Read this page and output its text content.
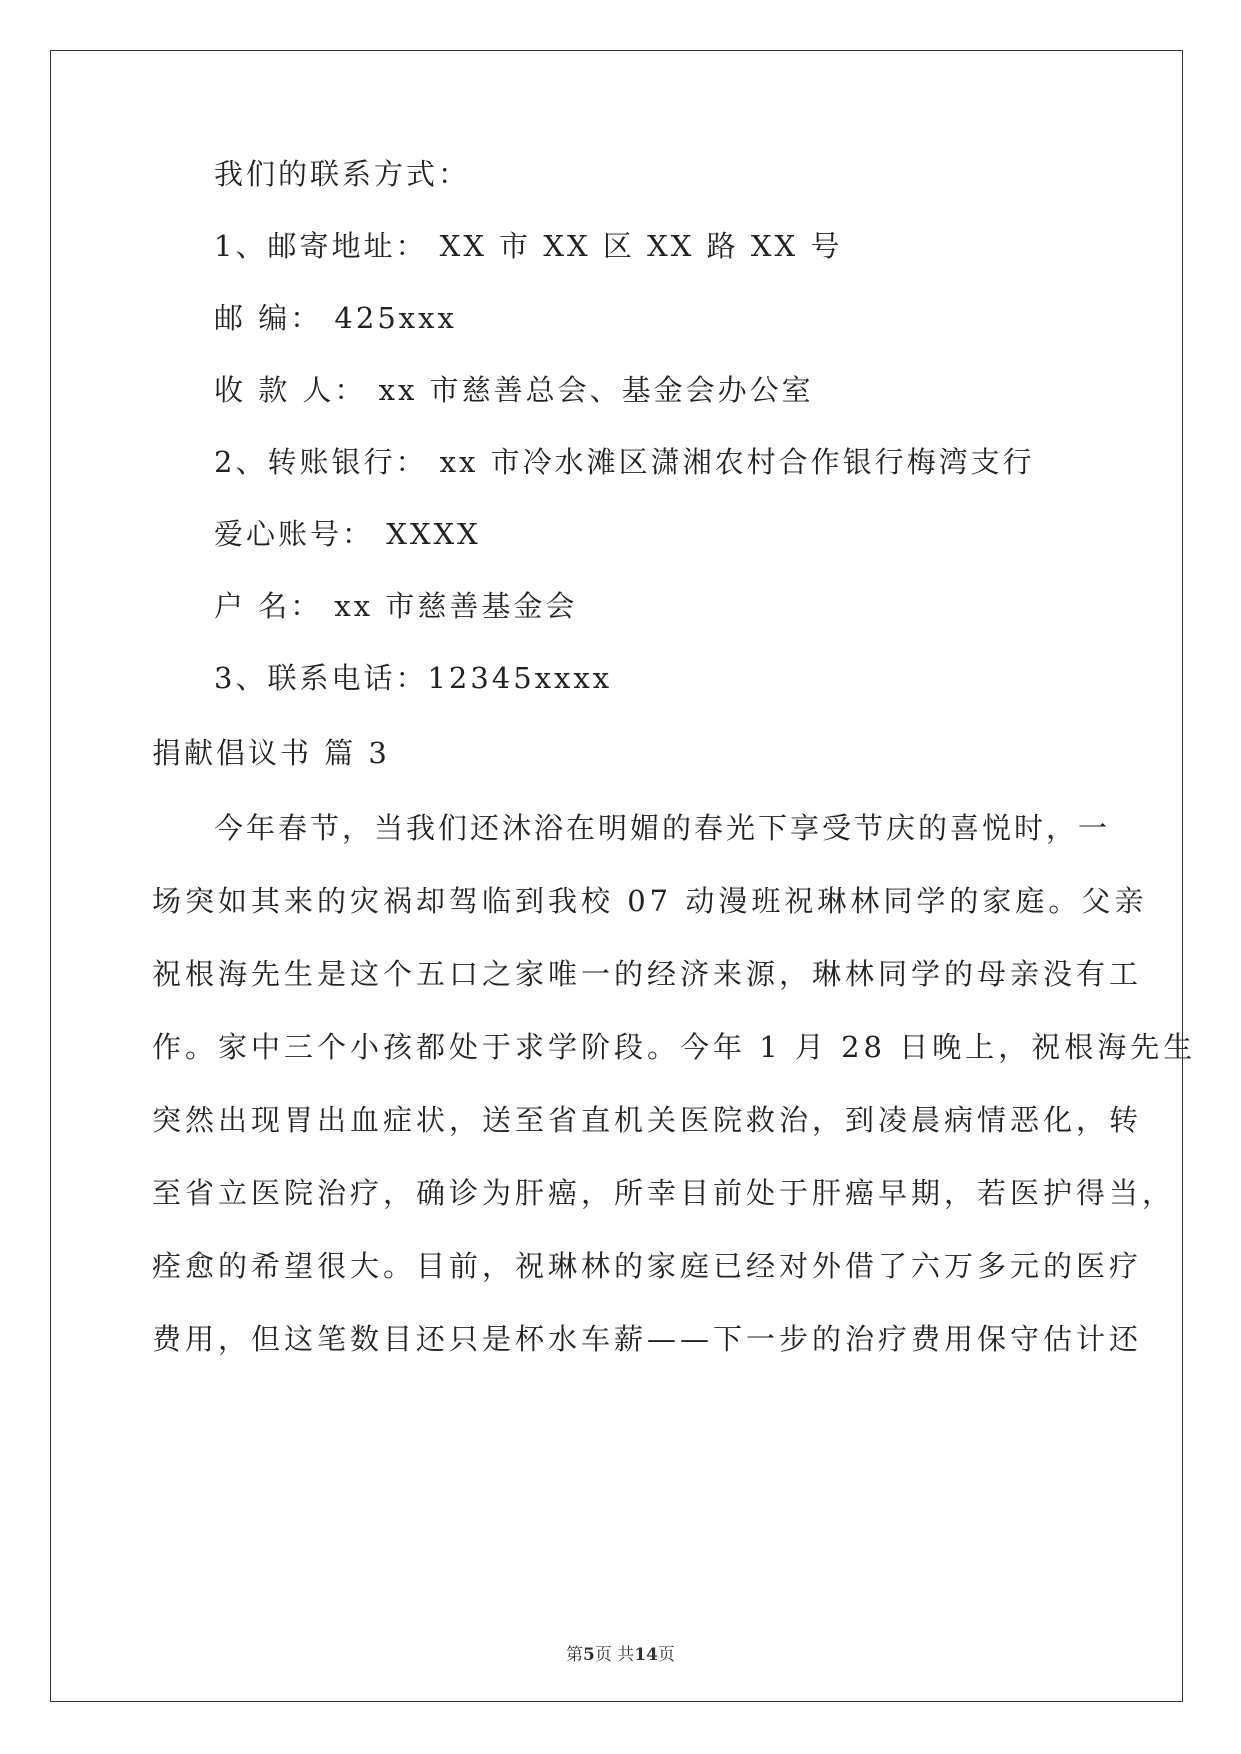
我们的联系方式：
1、邮寄地址： XX 市 XX 区 XX 路 XX 号
邮 编： 425xxx
收 款 人： xx 市慈善总会、基金会办公室
2、转账银行： xx 市冷水滩区潇湘农村合作银行梅湾支行
爱心账号： XXXX
户 名： xx 市慈善基金会
3、联系电话：12345xxxx
捐献倡议书 篇 3
今年春节，当我们还沐浴在明媚的春光下享受节庆的喜悦时，一
场突如其来的灾祸却驾临到我校 07 动漫班祝琳林同学的家庭。父亲
祝根海先生是这个五口之家唯一的经济来源，琳林同学的母亲没有工
作。家中三个小孩都处于求学阶段。今年 1 月 28 日晚上，祝根海先生
突然出现胃出血症状，送至省直机关医院救治，到凌晨病情恶化，转
至省立医院治疗，确诊为肝癌，所幸目前处于肝癌早期，若医护得当，
痊愈的希望很大。目前，祝琳林的家庭已经对外借了六万多元的医疗
费用，但这笔数目还只是杯水车薪——下一步的治疗费用保守估计还
第5页 共14页
